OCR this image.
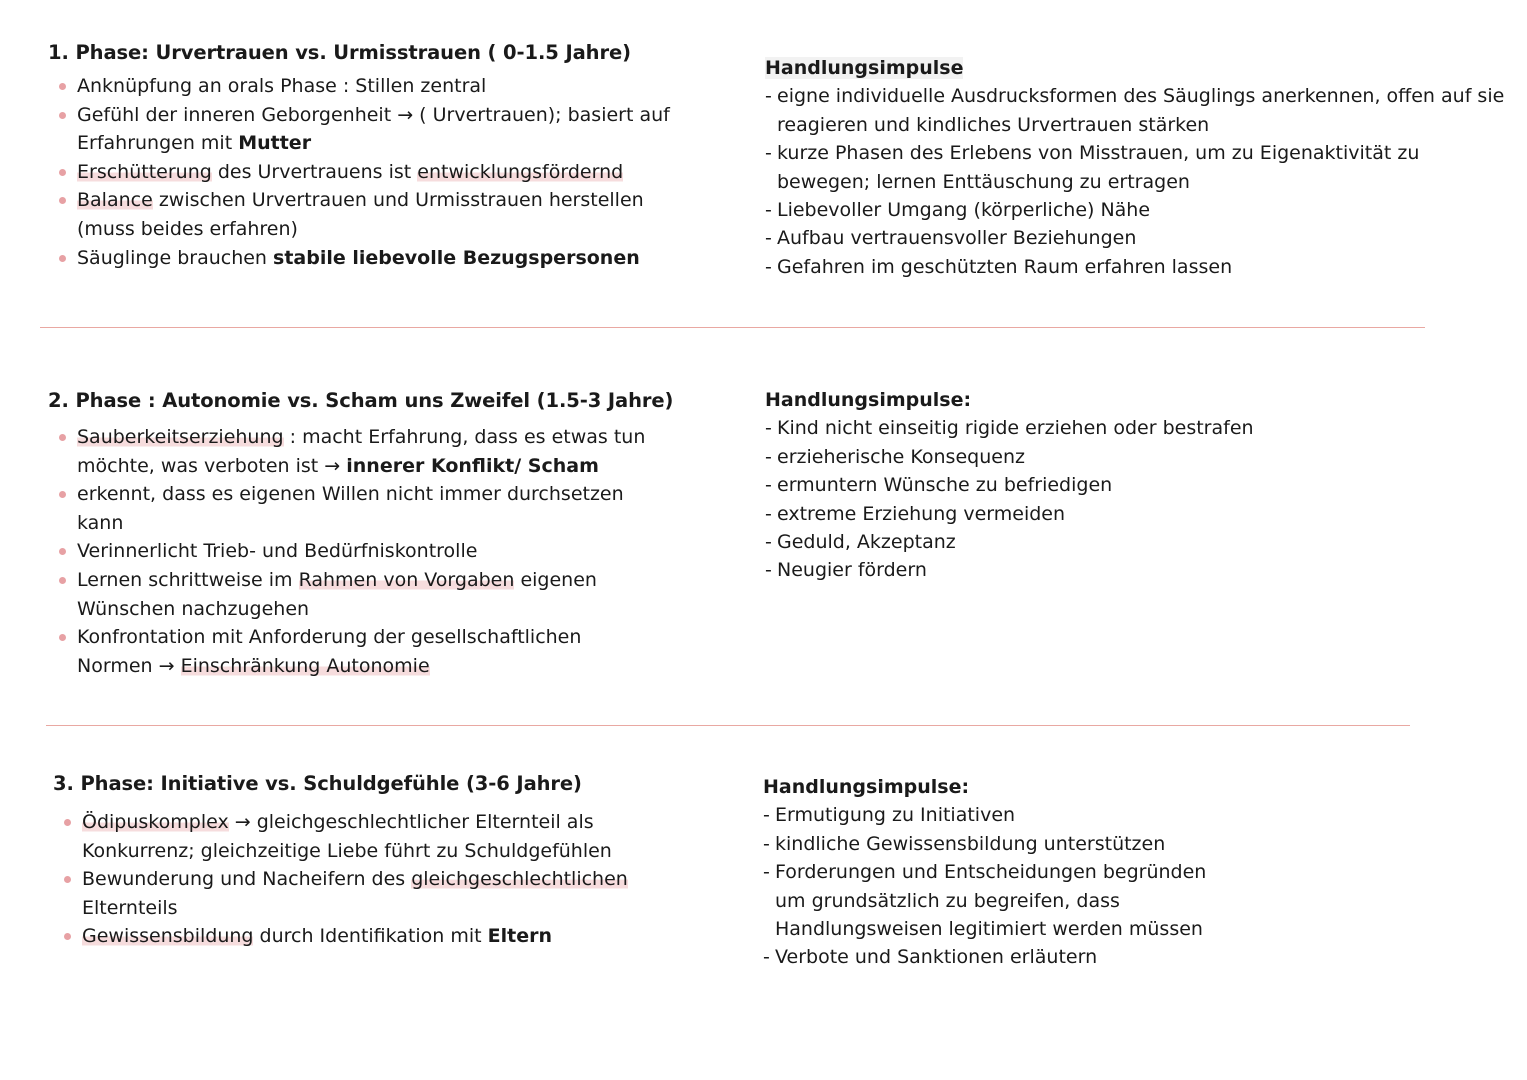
1. Phase: Urvertrauen vs. Urmisstrauen ( 0-1.5 Jahre)
Anknüpfung an orals Phase : Stillen zentral
Gefühl der inneren Geborgenheit → ( Urvertrauen); basiert auf Erfahrungen mit Mutter
Erschütterung des Urvertrauens ist entwicklungsfördernd
Balance zwischen Urvertrauen und Urmisstrauen herstellen (muss beides erfahren)
Säuglinge brauchen stabile liebevolle Bezugspersonen
Handlungsimpulse
- eigne individuelle Ausdrucksformen des Säuglings anerkennen, offen auf sie reagieren und kindliches Urvertrauen stärken
- kurze Phasen des Erlebens von Misstrauen, um zu Eigenaktivität zu bewegen; lernen Enttäuschung zu ertragen
- Liebevoller Umgang (körperliche) Nähe
- Aufbau vertrauensvoller Beziehungen
- Gefahren im geschützten Raum erfahren lassen
2. Phase : Autonomie vs. Scham uns Zweifel (1.5-3 Jahre)
Sauberkeitserziehung : macht Erfahrung, dass es etwas tun möchte, was verboten ist → innerer Konflikt/ Scham
erkennt, dass es eigenen Willen nicht immer durchsetzen kann
Verinnerlicht Trieb- und Bedürfniskontrolle
Lernen schrittweise im Rahmen von Vorgaben eigenen Wünschen nachzugehen
Konfrontation mit Anforderung der gesellschaftlichen Normen → Einschränkung Autonomie
Handlungsimpulse:
- Kind nicht einseitig rigide erziehen oder bestrafen
- erzieherische Konsequenz
- ermuntern Wünsche zu befriedigen
- extreme Erziehung vermeiden
- Geduld, Akzeptanz
- Neugier fördern
3. Phase: Initiative vs. Schuldgefühle (3-6 Jahre)
Ödipuskomplex → gleichgeschlechtlicher Elternteil als Konkurrenz; gleichzeitige Liebe führt zu Schuldgefühlen
Bewunderung und Nacheifern des gleichgeschlechtlichen Elternteils
Gewissensbildung durch Identifikation mit Eltern
Handlungsimpulse:
- Ermutigung zu Initiativen
- kindliche Gewissensbildung unterstützen
- Forderungen und Entscheidungen begründen um grundsätzlich zu begreifen, dass Handlungsweisen legitimiert werden müssen
- Verbote und Sanktionen erläutern
